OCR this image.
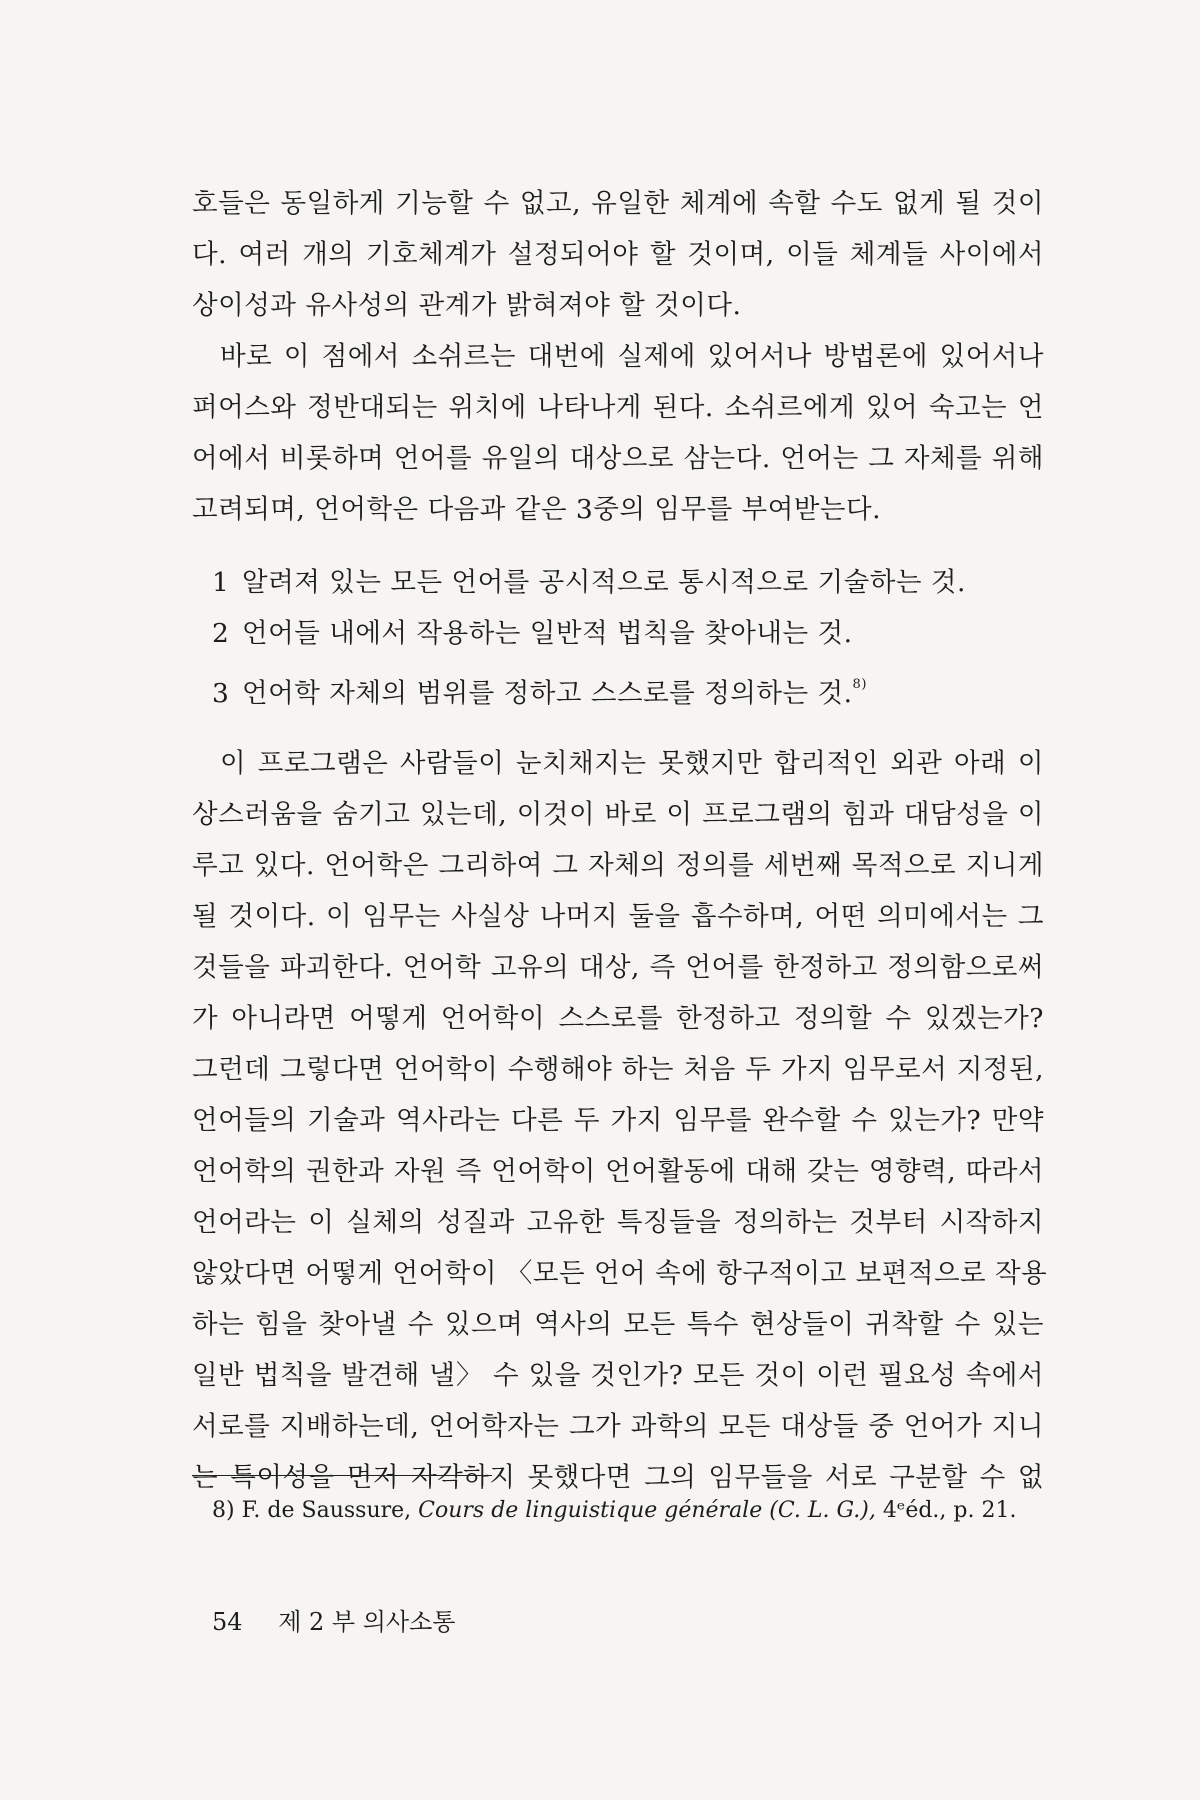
호들은 동일하게 기능할 수 없고, 유일한 체계에 속할 수도 없게 될 것이
다. 여러 개의 기호체계가 설정되어야 할 것이며, 이들 체계들 사이에서
상이성과 유사성의 관계가 밝혀져야 할 것이다.
바로 이 점에서 소쉬르는 대번에 실제에 있어서나 방법론에 있어서나
퍼어스와 정반대되는 위치에 나타나게 된다. 소쉬르에게 있어 숙고는 언
어에서 비롯하며 언어를 유일의 대상으로 삼는다. 언어는 그 자체를 위해
고려되며, 언어학은 다음과 같은 3중의 임무를 부여받는다.
1 알려져 있는 모든 언어를 공시적으로 통시적으로 기술하는 것.
2 언어들 내에서 작용하는 일반적 법칙을 찾아내는 것.
3 언어학 자체의 범위를 정하고 스스로를 정의하는 것.$^{8)}$
이 프로그램은 사람들이 눈치채지는 못했지만 합리적인 외관 아래 이
상스러움을 숨기고 있는데, 이것이 바로 이 프로그램의 힘과 대담성을 이
루고 있다. 언어학은 그리하여 그 자체의 정의를 세번째 목적으로 지니게
될 것이다. 이 임무는 사실상 나머지 둘을 흡수하며, 어떤 의미에서는 그
것들을 파괴한다. 언어학 고유의 대상, 즉 언어를 한정하고 정의함으로써
가 아니라면 어떻게 언어학이 스스로를 한정하고 정의할 수 있겠는가?
그런데 그렇다면 언어학이 수행해야 하는 처음 두 가지 임무로서 지정된,
언어들의 기술과 역사라는 다른 두 가지 임무를 완수할 수 있는가? 만약
언어학의 권한과 자원 즉 언어학이 언어활동에 대해 갖는 영향력, 따라서
언어라는 이 실체의 성질과 고유한 특징들을 정의하는 것부터 시작하지
않았다면 어떻게 언어학이 〈모든 언어 속에 항구적이고 보편적으로 작용
하는 힘을 찾아낼 수 있으며 역사의 모든 특수 현상들이 귀착할 수 있는
일반 법칙을 발견해 낼〉 수 있을 것인가? 모든 것이 이런 필요성 속에서
서로를 지배하는데, 언어학자는 그가 과학의 모든 대상들 중 언어가 지니
는 특이성을 먼저 자각하지 못했다면 그의 임무들을 서로 구분할 수 없
8) F. de Saussure, Cours de linguistique générale (C. L. G.), 4ᵉéd., p. 21.
54 제 2 부 의사소통
